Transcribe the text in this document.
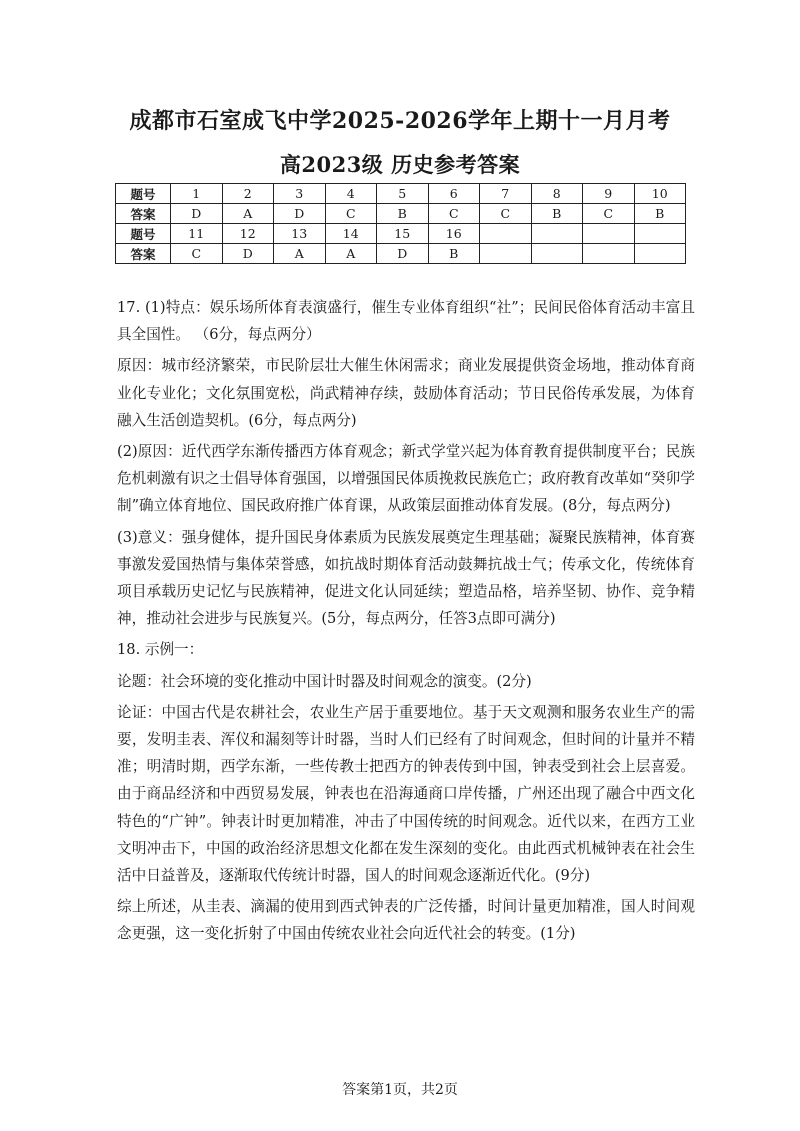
成都市石室成飞中学2025-2026学年上期十一月月考
高2023级 历史参考答案
题号	1	2	3	4	5	6	7	8	9	10
答案	D	A	D	C	B	C	C	B	C	B
题号	11	12	13	14	15	16				
答案	C	D	A	A	D	B				

17. (1)特点：娱乐场所体育表演盛行，催生专业体育组织“社”；民间民俗体育活动丰富且具全国性。 （6分，每点两分）

原因：城市经济繁荣，市民阶层壮大催生休闲需求；商业发展提供资金场地，推动体育商业化专业化；文化氛围宽松，尚武精神存续，鼓励体育活动；节日民俗传承发展，为体育融入生活创造契机。(6分，每点两分)

(2)原因：近代西学东渐传播西方体育观念；新式学堂兴起为体育教育提供制度平台；民族危机刺激有识之士倡导体育强国，以增强国民体质挽救民族危亡；政府教育改革如“癸卯学制”确立体育地位、国民政府推广体育课，从政策层面推动体育发展。(8分，每点两分)

(3)意义：强身健体，提升国民身体素质为民族发展奠定生理基础；凝聚民族精神，体育赛事激发爱国热情与集体荣誉感，如抗战时期体育活动鼓舞抗战士气；传承文化，传统体育项目承载历史记忆与民族精神，促进文化认同延续；塑造品格，培养坚韧、协作、竞争精神，推动社会进步与民族复兴。(5分，每点两分，任答3点即可满分)

18. 示例一：

论题：社会环境的变化推动中国计时器及时间观念的演变。(2分)

论证：中国古代是农耕社会，农业生产居于重要地位。基于天文观测和服务农业生产的需要，发明圭表、浑仪和漏刻等计时器，当时人们已经有了时间观念，但时间的计量并不精准；明清时期，西学东渐，一些传教士把西方的钟表传到中国，钟表受到社会上层喜爱。由于商品经济和中西贸易发展，钟表也在沿海通商口岸传播，广州还出现了融合中西文化特色的“广钟”。钟表计时更加精准，冲击了中国传统的时间观念。近代以来，在西方工业文明冲击下，中国的政治经济思想文化都在发生深刻的变化。由此西式机械钟表在社会生活中日益普及，逐渐取代传统计时器，国人的时间观念逐渐近代化。(9分)

综上所述，从圭表、滴漏的使用到西式钟表的广泛传播，时间计量更加精准，国人时间观念更强，这一变化折射了中国由传统农业社会向近代社会的转变。(1分)

答案第1页，共2页
